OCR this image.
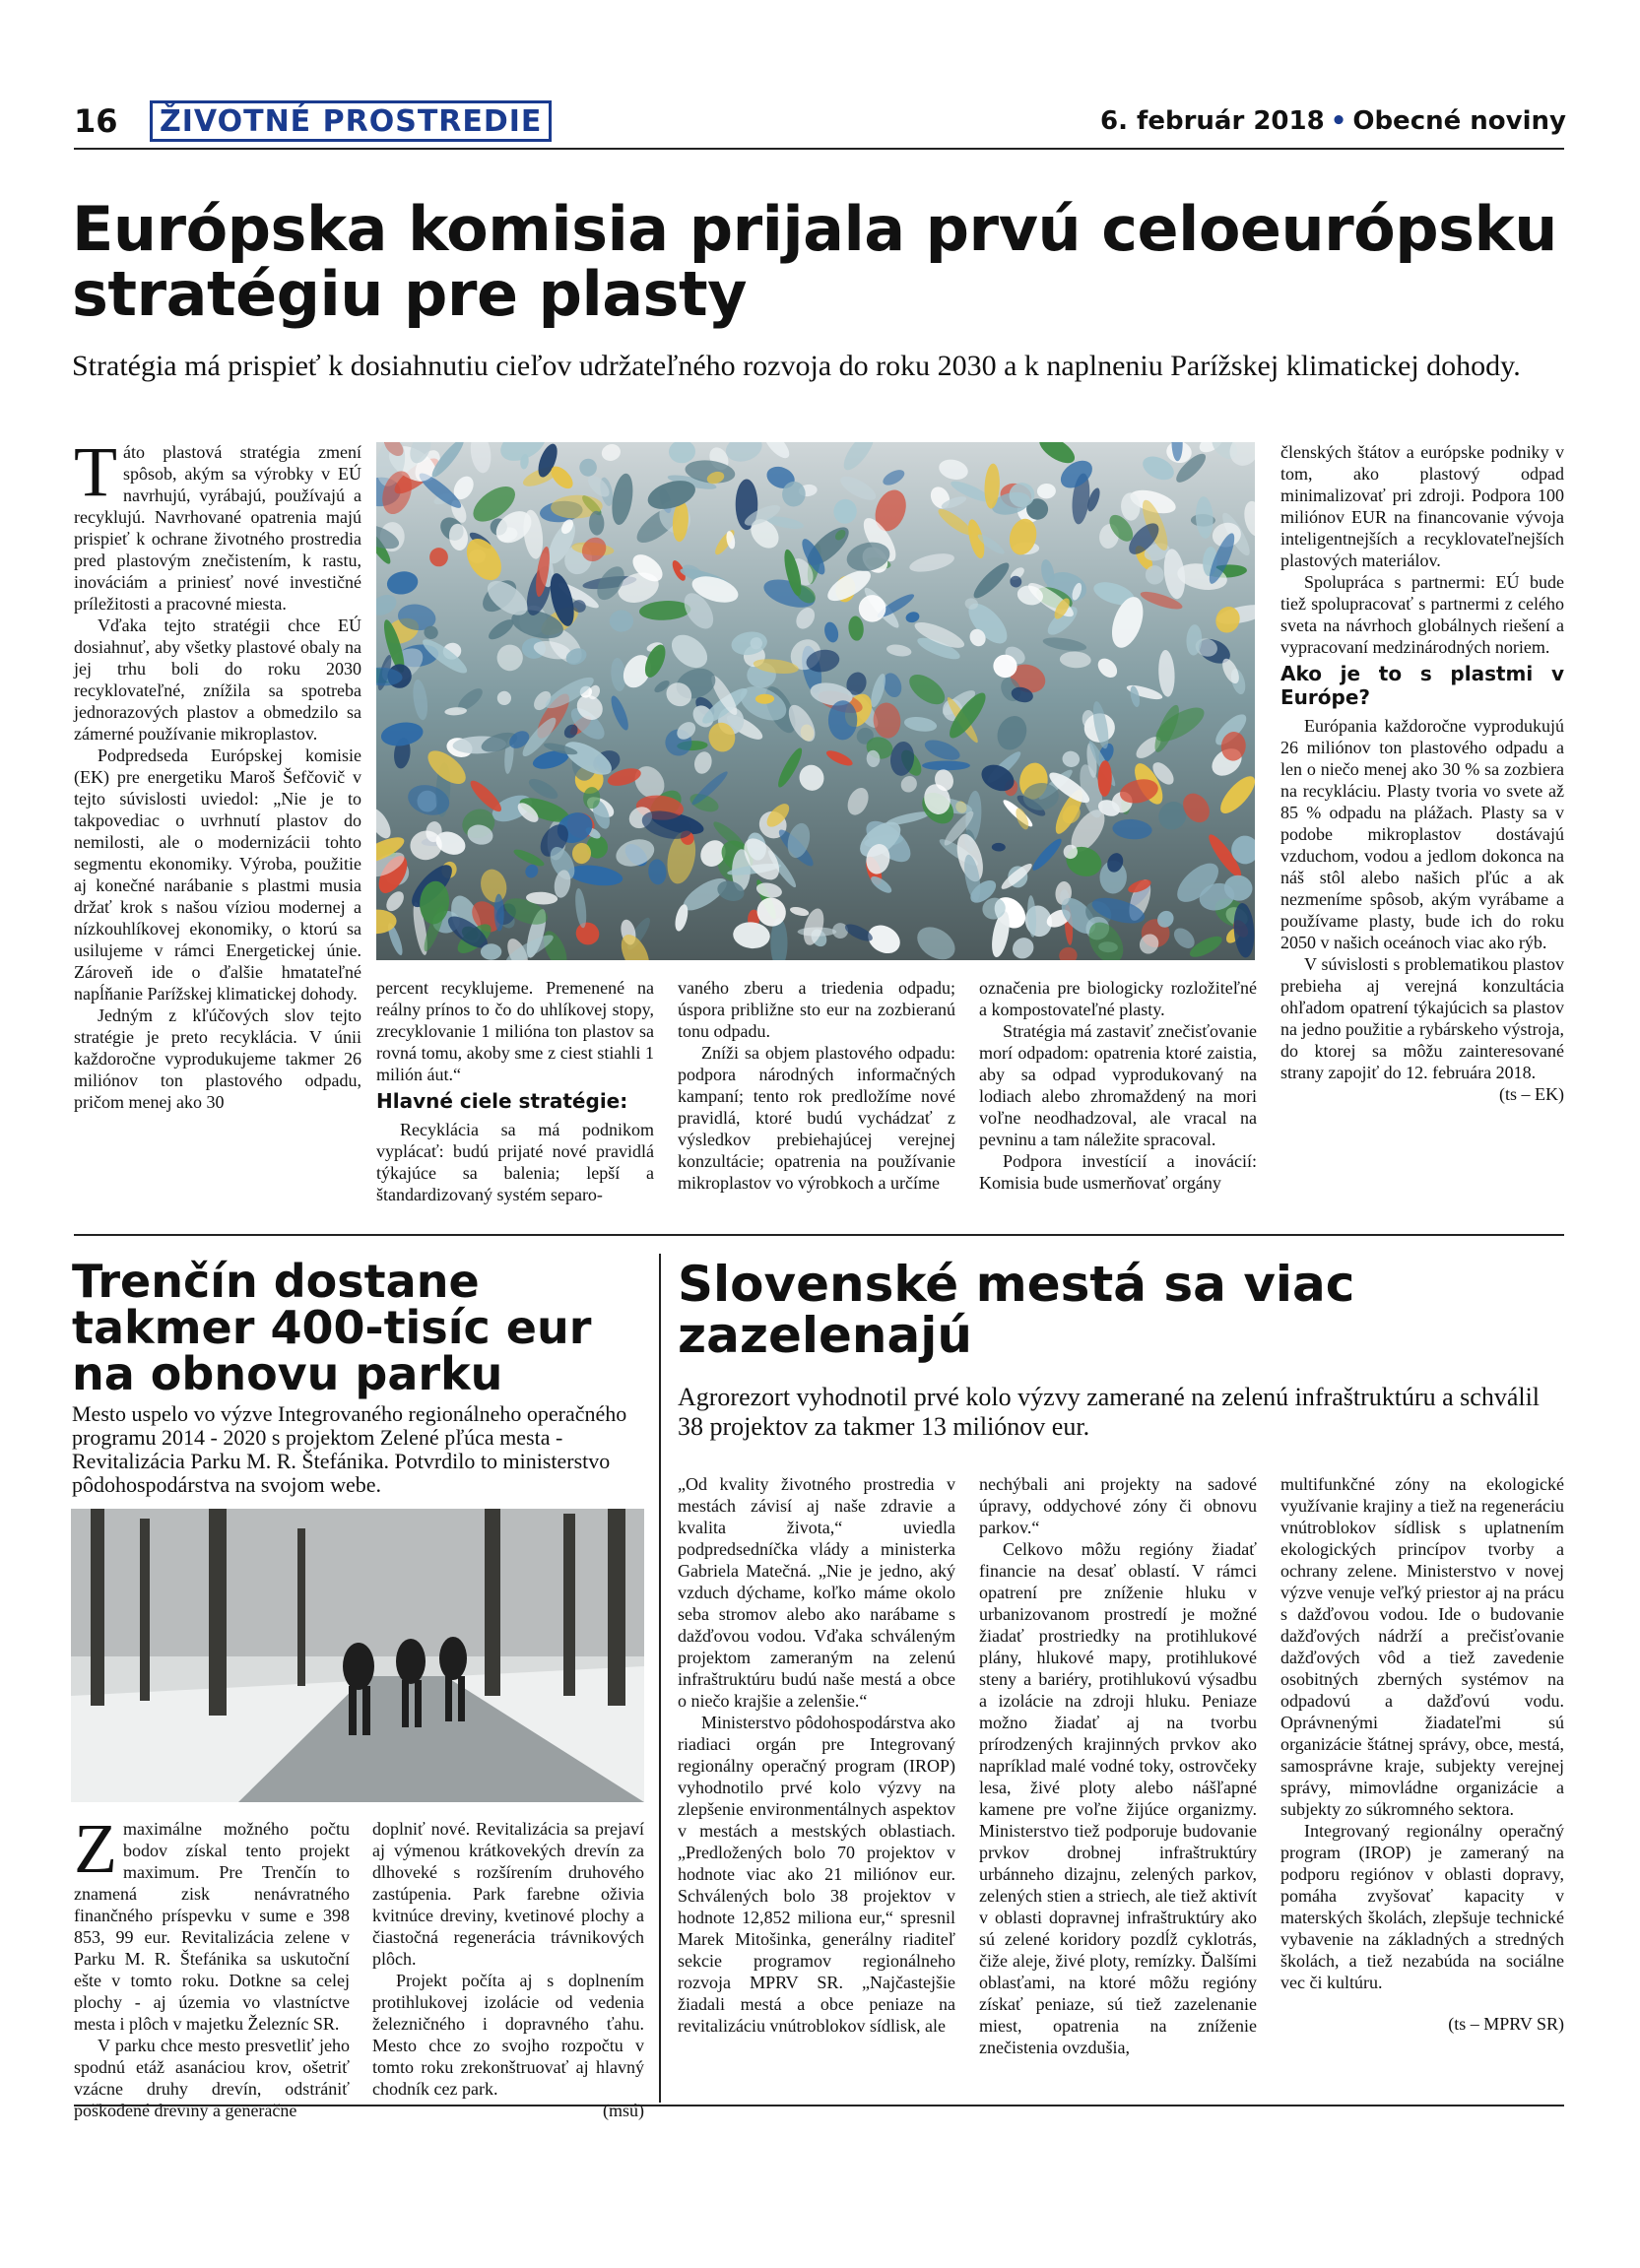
16	ŽIVOTNÉ PROSTREDIE	6. február 2018 • Obecné noviny
Európska komisia prijala prvú celoeurópsku stratégiu pre plasty
Stratégia má prispieť k dosiahnutiu cieľov udržateľného rozvoja do roku 2030 a k naplneniu Parížskej klimatickej dohody.

Táto plastová stratégia zmení spôsob, akým sa výrobky v EÚ navrhujú, vyrábajú, používajú a recyklujú. Navrhované opatrenia majú prispieť k ochrane životného prostredia pred plastovým znečistením, k rastu, inováciám a priniesť nové investičné príležitosti a pracovné miesta.

Vďaka tejto stratégii chce EÚ dosiahnuť, aby všetky plastové obaly na jej trhu boli do roku 2030 recyklovateľné, znížila sa spotreba jednorazových plastov a obmedzilo sa zámerné používanie mikroplastov.

Podpredseda Európskej komisie (EK) pre energetiku Maroš Šefčovič v tejto súvislosti uviedol: „Nie je to takpovediac o uvrhnutí plastov do nemilosti, ale o modernizácii tohto segmentu ekonomiky. Výroba, použitie aj konečné narábanie s plastmi musia držať krok s našou víziou modernej a nízkouhlíkovej ekonomiky, o ktorú sa usilujeme v rámci Energetickej únie. Zároveň ide o ďalšie hmatateľné napĺňanie Parížskej klimatickej dohody.

Jedným z kľúčových slov tejto stratégie je preto recyklácia. V únii každoročne vyprodukujeme takmer 26 miliónov ton plastového odpadu, pričom menej ako 30

percent recyklujeme. Premenené na reálny prínos to čo do uhlíkovej stopy, zrecyklovanie 1 milióna ton plastov sa rovná tomu, akoby sme z ciest stiahli 1 milión áut.“

Hlavné ciele stratégie:

Recyklácia sa má podnikom vyplácať: budú prijaté nové pravidlá týkajúce sa balenia; lepší a štandardizovaný systém separo-

vaného zberu a triedenia odpadu; úspora približne sto eur na zozbieranú tonu odpadu.

Zníži sa objem plastového odpadu: podpora národných informačných kampaní; tento rok predložíme nové pravidlá, ktoré budú vychádzať z výsledkov prebiehajúcej verejnej konzultácie; opatrenia na používanie mikroplastov vo výrobkoch a určíme

označenia pre biologicky rozložiteľné a kompostovateľné plasty.

Stratégia má zastaviť znečisťovanie morí odpadom: opatrenia ktoré zaistia, aby sa odpad vyprodukovaný na lodiach alebo zhromaždený na mori voľne neodhadzoval, ale vracal na pevninu a tam náležite spracoval.

Podpora investícií a inovácií: Komisia bude usmerňovať orgány

členských štátov a európske podniky v tom, ako plastový odpad minimalizovať pri zdroji. Podpora 100 miliónov EUR na financovanie vývoja inteligentnejších a recyklovateľnejších plastových materiálov.

Spolupráca s partnermi: EÚ bude tiež spolupracovať s partnermi z celého sveta na návrhoch globálnych riešení a vypracovaní medzinárodných noriem.

Ako je to s plastmi v Európe?

Európania každoročne vyprodukujú 26 miliónov ton plastového odpadu a len o niečo menej ako 30 % sa zozbiera na recykláciu. Plasty tvoria vo svete až 85 % odpadu na plážach. Plasty sa v podobe mikroplastov dostávajú vzduchom, vodou a jedlom dokonca na náš stôl alebo našich pľúc a ak nezmeníme spôsob, akým vyrábame a používame plasty, bude ich do roku 2050 v našich oceánoch viac ako rýb.

V súvislosti s problematikou plastov prebieha aj verejná konzultácia ohľadom opatrení týkajúcich sa plastov na jedno použitie a rybárskeho výstroja, do ktorej sa môžu zainteresované strany zapojiť do 12. februára 2018.

(ts – EK)

Trenčín dostane takmer 400-tisíc eur na obnovu parku
Mesto uspelo vo výzve Integrovaného regionálneho operačného programu 2014 - 2020 s projektom Zelené pľúca mesta - Revitalizácia Parku M. R. Štefánika. Potvrdilo to ministerstvo pôdohospodárstva na svojom webe.

Zmaximálne možného počtu bodov získal tento projekt maximum. Pre Trenčín to znamená zisk nenávratného finančného príspevku v sume e 398 853, 99 eur. Revitalizácia zelene v Parku M. R. Štefánika sa uskutoční ešte v tomto roku. Dotkne sa celej plochy - aj územia vo vlastníctve mesta i plôch v majetku Železníc SR.

V parku chce mesto presvetliť jeho spodnú etáž asanáciou krov, ošetriť vzácne druhy drevín, odstrániť poškodené dreviny a generačne

doplniť nové. Revitalizácia sa prejaví aj výmenou krátkovekých drevín za dlhoveké s rozšírením druhového zastúpenia. Park farebne oživia kvitnúce dreviny, kvetinové plochy a čiastočná regenerácia trávnikových plôch.

Projekt počíta aj s doplnením protihlukovej izolácie od vedenia železničného i dopravného ťahu. Mesto chce zo svojho rozpočtu v tomto roku zrekonštruovať aj hlavný chodník cez park.

(msú)

Slovenské mestá sa viac zazelenajú
Agrorezort vyhodnotil prvé kolo výzvy zamerané na zelenú infraštruktúru a schválil 38 projektov za takmer 13 miliónov eur.

„Od kvality životného prostredia v mestách závisí aj naše zdravie a kvalita života,“ uviedla podpredsedníčka vlády a ministerka Gabriela Matečná. „Nie je jedno, aký vzduch dýchame, koľko máme okolo seba stromov alebo ako narábame s dažďovou vodou. Vďaka schváleným projektom zameraným na zelenú infraštruktúru budú naše mestá a obce o niečo krajšie a zelenšie.“

Ministerstvo pôdohospodárstva ako riadiaci orgán pre Integrovaný regionálny operačný program (IROP) vyhodnotilo prvé kolo výzvy na zlepšenie environmentálnych aspektov v mestách a mestských oblastiach. „Predložených bolo 70 projektov v hodnote viac ako 21 miliónov eur. Schválených bolo 38 projektov v hodnote 12,852 miliona eur,“ spresnil Marek Mitošinka, generálny riaditeľ sekcie programov regionálneho rozvoja MPRV SR. „Najčastejšie žiadali mestá a obce peniaze na revitalizáciu vnútroblokov sídlisk, ale

nechýbali ani projekty na sadové úpravy, oddychové zóny či obnovu parkov.“

Celkovo môžu regióny žiadať financie na desať oblastí. V rámci opatrení pre zníženie hluku v urbanizovanom prostredí je možné žiadať prostriedky na protihlukové plány, hlukové mapy, protihlukové steny a bariéry, protihlukovú výsadbu a izolácie na zdroji hluku. Peniaze možno žiadať aj na tvorbu prírodzených krajinných prvkov ako napríklad malé vodné toky, ostrovčeky lesa, živé ploty alebo nášľapné kamene pre voľne žijúce organizmy. Ministerstvo tiež podporuje budovanie prvkov drobnej infraštruktúry urbánneho dizajnu, zelených parkov, zelených stien a striech, ale tiež aktivít v oblasti dopravnej infraštruktúry ako sú zelené koridory pozdĺž cyklotrás, čiže aleje, živé ploty, remízky. Ďalšími oblasťami, na ktoré môžu regióny získať peniaze, sú tiež zazelenanie miest, opatrenia na zníženie znečistenia ovzdušia,

multifunkčné zóny na ekologické využívanie krajiny a tiež na regeneráciu vnútroblokov sídlisk s uplatnením ekologických princípov tvorby a ochrany zelene. Ministerstvo v novej výzve venuje veľký priestor aj na prácu s dažďovou vodou. Ide o budovanie dažďových nádrží a prečisťovanie dažďových vôd a tiež zavedenie osobitných zberných systémov na odpadovú a dažďovú vodu. Oprávnenými žiadateľmi sú organizácie štátnej správy, obce, mestá, samosprávne kraje, subjekty verejnej správy, mimovládne organizácie a subjekty zo súkromného sektora.

Integrovaný regionálny operačný program (IROP) je zameraný na podporu regiónov v oblasti dopravy, pomáha zvyšovať kapacity v materských školách, zlepšuje technické vybavenie na základných a stredných školách, a tiež nezabúda na sociálne vec či kultúru.

(ts – MPRV SR)
